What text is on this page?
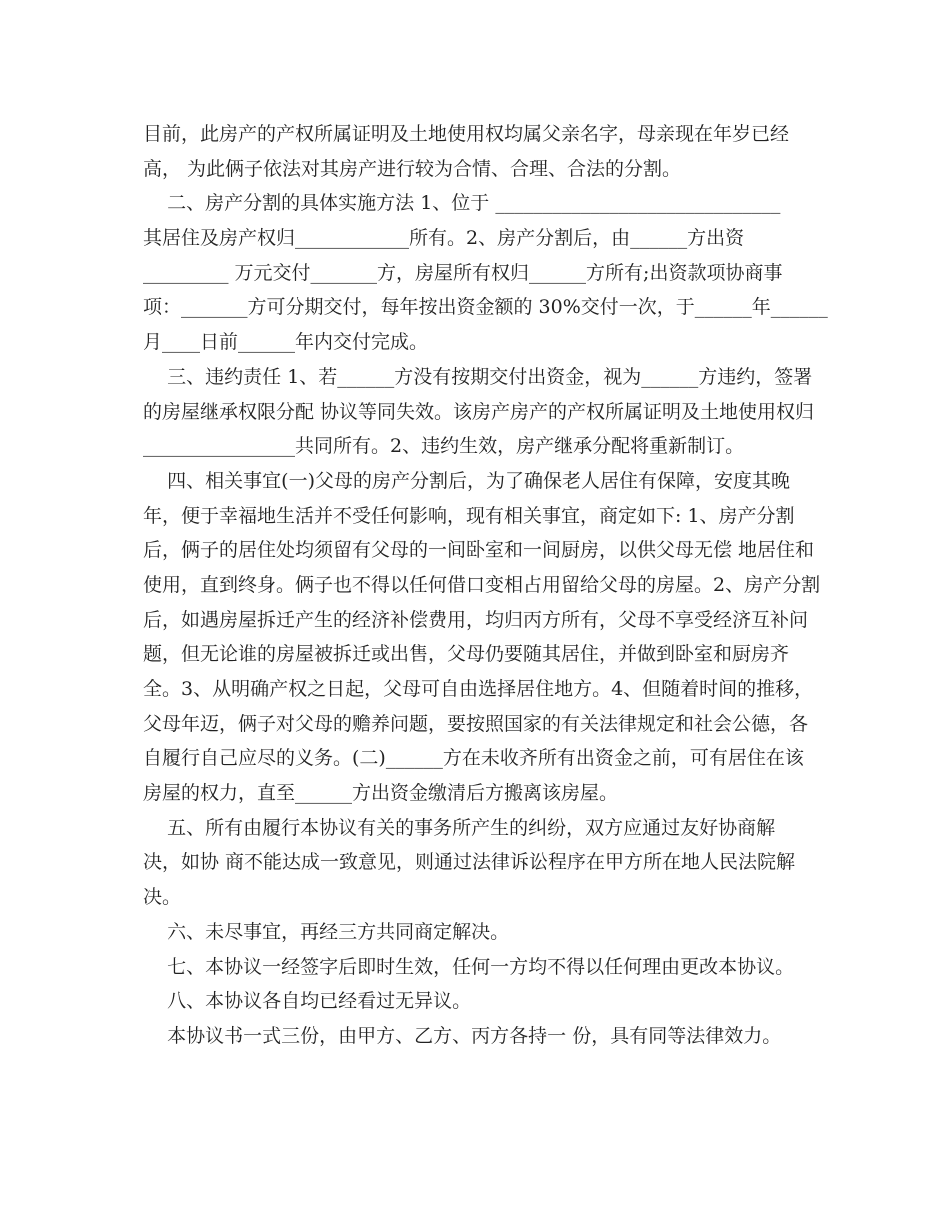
目前，此房产的产权所属证明及土地使用权均属父亲名字，母亲现在年岁已经
高， 为此俩子依法对其房产进行较为合情、合理、合法的分割。
二、房产分割的具体实施方法 1、位于 ______________________________
其居住及房产权归____________所有。2、房产分割后，由______方出资
_________ 万元交付_______方，房屋所有权归______方所有;出资款项协商事
项：_______方可分期交付，每年按出资金额的 30%交付一次，于______年______
月____日前______年内交付完成。
三、违约责任 1、若______方没有按期交付出资金，视为______方违约，签署
的房屋继承权限分配 协议等同失效。该房产房产的产权所属证明及土地使用权归
________________共同所有。2、违约生效，房产继承分配将重新制订。
四、相关事宜(一)父母的房产分割后，为了确保老人居住有保障，安度其晚
年，便于幸福地生活并不受任何影响，现有相关事宜，商定如下: 1、房产分割
后，俩子的居住处均须留有父母的一间卧室和一间厨房，以供父母无偿 地居住和
使用，直到终身。俩子也不得以任何借口变相占用留给父母的房屋。2、房产分割
后，如遇房屋拆迁产生的经济补偿费用，均归丙方所有，父母不享受经济互补问
题，但无论谁的房屋被拆迁或出售，父母仍要随其居住，并做到卧室和厨房齐
全。3、从明确产权之日起，父母可自由选择居住地方。4、但随着时间的推移，
父母年迈，俩子对父母的赡养问题，要按照国家的有关法律规定和社会公德，各
自履行自己应尽的义务。(二)______方在未收齐所有出资金之前，可有居住在该
房屋的权力，直至______方出资金缴清后方搬离该房屋。
五、所有由履行本协议有关的事务所产生的纠纷，双方应通过友好协商解
决，如协 商不能达成一致意见，则通过法律诉讼程序在甲方所在地人民法院解
决。
六、未尽事宜，再经三方共同商定解决。
七、本协议一经签字后即时生效，任何一方均不得以任何理由更改本协议。
八、本协议各自均已经看过无异议。
本协议书一式三份，由甲方、乙方、丙方各持一 份，具有同等法律效力。
